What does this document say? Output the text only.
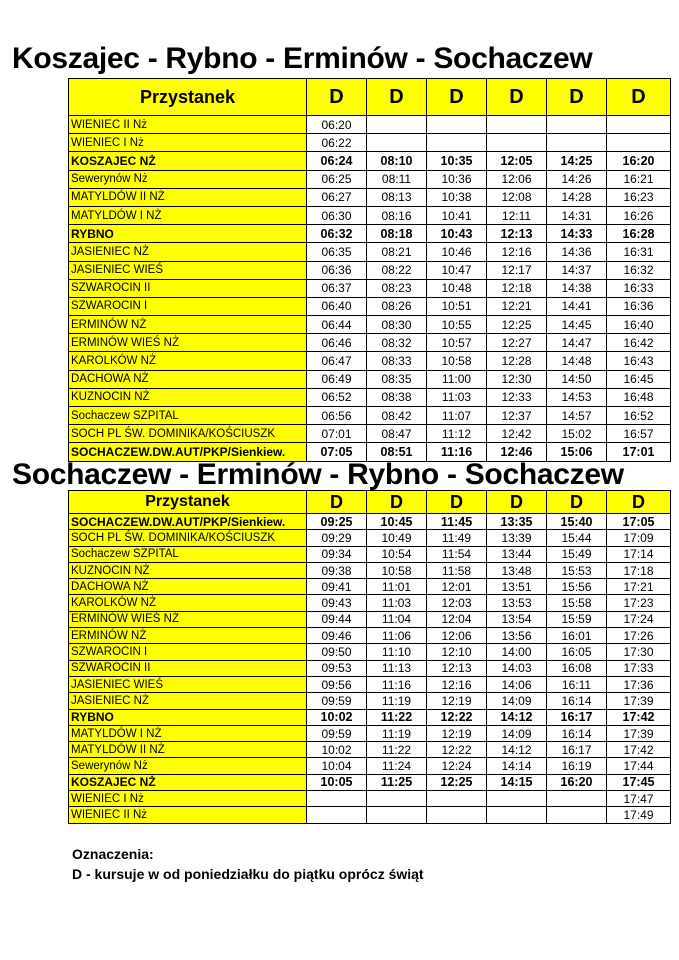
Koszajec - Rybno - Erminów - Sochaczew
Przystanek	D	D	D	D	D	D
WIENIEC II Nż	06:20					
WIENIEC I Nż	06:22					
KOSZAJEC NŻ	06:24	08:10	10:35	12:05	14:25	16:20
Sewerynów Nż	06:25	08:11	10:36	12:06	14:26	16:21
MATYLDÓW II NŻ	06:27	08:13	10:38	12:08	14:28	16:23
MATYLDÓW I NŻ	06:30	08:16	10:41	12:11	14:31	16:26
RYBNO	06:32	08:18	10:43	12:13	14:33	16:28
JASIENIEC NŻ	06:35	08:21	10:46	12:16	14:36	16:31
JASIENIEC WIEŚ	06:36	08:22	10:47	12:17	14:37	16:32
SZWAROCIN II	06:37	08:23	10:48	12:18	14:38	16:33
SZWAROCIN I	06:40	08:26	10:51	12:21	14:41	16:36
ERMINÓW NŻ	06:44	08:30	10:55	12:25	14:45	16:40
ERMINÓW WIEŚ NŻ	06:46	08:32	10:57	12:27	14:47	16:42
KAROLKÓW NŻ	06:47	08:33	10:58	12:28	14:48	16:43
DACHOWA NŻ	06:49	08:35	11:00	12:30	14:50	16:45
KUZNOCIN NŻ	06:52	08:38	11:03	12:33	14:53	16:48
Sochaczew SZPITAL	06:56	08:42	11:07	12:37	14:57	16:52
SOCH PL ŚW. DOMINIKA/KOŚCIUSZK	07:01	08:47	11:12	12:42	15:02	16:57
SOCHACZEW.DW.AUT/PKP/Sienkiew.	07:05	08:51	11:16	12:46	15:06	17:01
Sochaczew - Erminów - Rybno - Sochaczew
Przystanek	D	D	D	D	D	D
SOCHACZEW.DW.AUT/PKP/Sienkiew.	09:25	10:45	11:45	13:35	15:40	17:05
SOCH PL ŚW. DOMINIKA/KOŚCIUSZK	09:29	10:49	11:49	13:39	15:44	17:09
Sochaczew SZPITAL	09:34	10:54	11:54	13:44	15:49	17:14
KUZNOCIN NŻ	09:38	10:58	11:58	13:48	15:53	17:18
DACHOWA NŻ	09:41	11:01	12:01	13:51	15:56	17:21
KAROLKÓW NŻ	09:43	11:03	12:03	13:53	15:58	17:23
ERMINÓW WIEŚ NŻ	09:44	11:04	12:04	13:54	15:59	17:24
ERMINÓW NŻ	09:46	11:06	12:06	13:56	16:01	17:26
SZWAROCIN I	09:50	11:10	12:10	14:00	16:05	17:30
SZWAROCIN II	09:53	11:13	12:13	14:03	16:08	17:33
JASIENIEC WIEŚ	09:56	11:16	12:16	14:06	16:11	17:36
JASIENIEC NŻ	09:59	11:19	12:19	14:09	16:14	17:39
RYBNO	10:02	11:22	12:22	14:12	16:17	17:42
MATYLDÓW I NŻ	09:59	11:19	12:19	14:09	16:14	17:39
MATYLDÓW II NŻ	10:02	11:22	12:22	14:12	16:17	17:42
Sewerynów Nż	10:04	11:24	12:24	14:14	16:19	17:44
KOSZAJEC NŻ	10:05	11:25	12:25	14:15	16:20	17:45
WIENIEC I Nż						17:47
WIENIEC II Nż						17:49
Oznaczenia:
D - kursuje w od poniedziałku do piątku oprócz świąt
